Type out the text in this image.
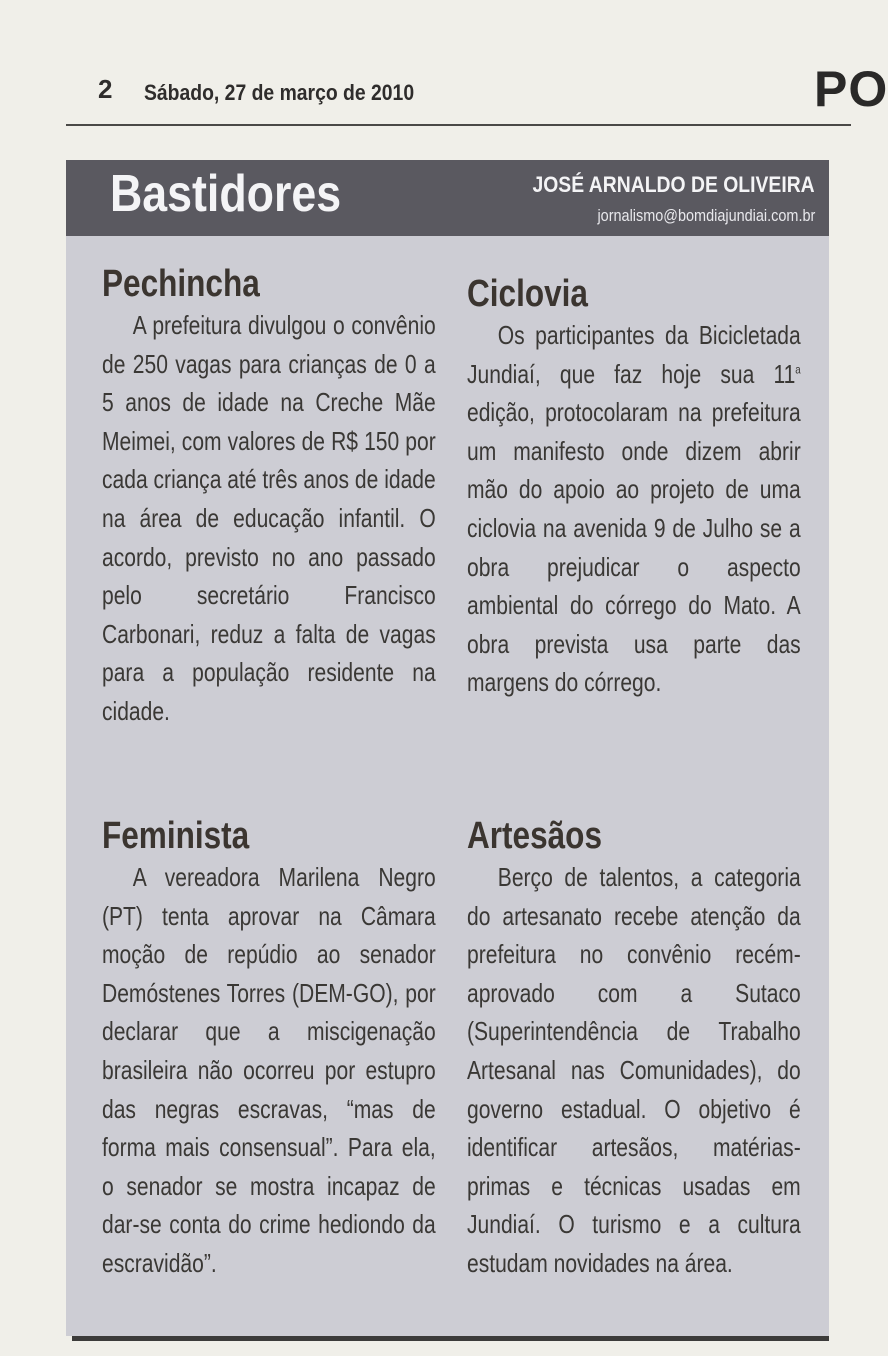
2 Sábado, 27 de março de 2010	PO
Bastidores	JOSÉ ARNALDO DE OLIVEIRA
jornalismo@bomdiajundiai.com.br
Pechincha

A prefeitura divulgou o convênio de 250 vagas para crianças de 0 a 5 anos de idade na Creche Mãe Meimei, com valores de R$ 150 por cada criança até três anos de idade na área de educação infantil. O acordo, previsto no ano passado pelo secretário Francisco Carbonari, reduz a falta de vagas para a população residente na cidade.

Ciclovia

Os participantes da Bicicletada Jundiaí, que faz hoje sua 11$^a$ edição, protocolaram na prefeitura um manifesto onde dizem abrir mão do apoio ao projeto de uma ciclovia na avenida 9 de Julho se a obra prejudicar o aspecto ambiental do córrego do Mato. A obra prevista usa parte das margens do córrego.

Feminista

A vereadora Marilena Negro (PT) tenta aprovar na Câmara moção de repúdio ao senador Demóstenes Torres (DEM-GO), por declarar que a miscigenação brasileira não ocorreu por estupro das negras escravas, “mas de forma mais consensual”. Para ela, o senador se mostra incapaz de dar-se conta do crime hediondo da escravidão”.

Artesãos

Berço de talentos, a categoria do artesanato recebe atenção da prefeitura no convênio recém-aprovado com a Sutaco (Superintendência de Trabalho Artesanal nas Comunidades), do governo estadual. O objetivo é identificar artesãos, matérias-primas e técnicas usadas em Jundiaí. O turismo e a cultura estudam novidades na área.
